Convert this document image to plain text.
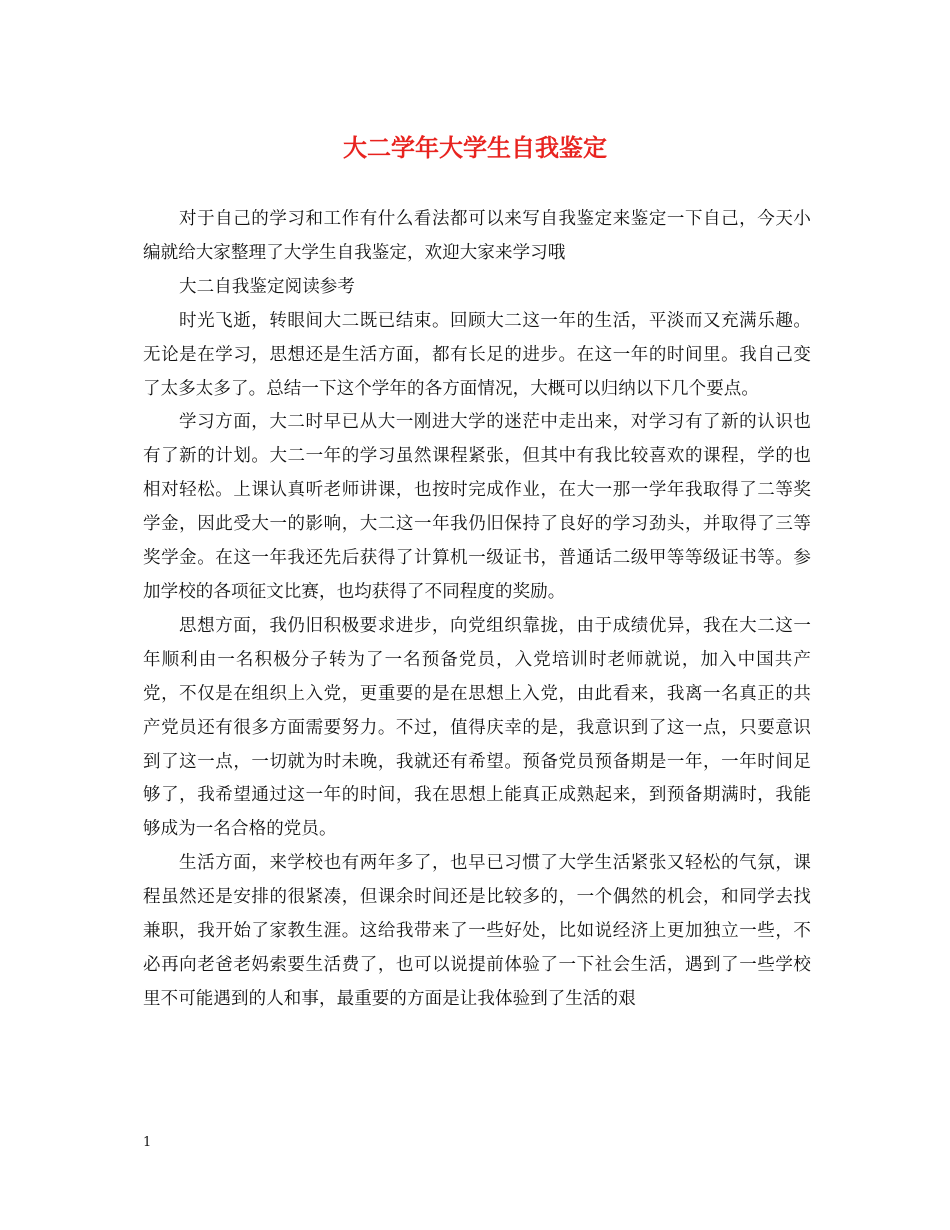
大二学年大学生自我鉴定

对于自己的学习和工作有什么看法都可以来写自我鉴定来鉴定一下自己，今天小编就给大家整理了大学生自我鉴定，欢迎大家来学习哦

大二自我鉴定阅读参考

时光飞逝，转眼间大二既已结束。回顾大二这一年的生活，平淡而又充满乐趣。无论是在学习，思想还是生活方面，都有长足的进步。在这一年的时间里。我自己变了太多太多了。总结一下这个学年的各方面情况，大概可以归纳以下几个要点。

学习方面，大二时早已从大一刚进大学的迷茫中走出来，对学习有了新的认识也有了新的计划。大二一年的学习虽然课程紧张，但其中有我比较喜欢的课程，学的也相对轻松。上课认真听老师讲课，也按时完成作业，在大一那一学年我取得了二等奖学金，因此受大一的影响，大二这一年我仍旧保持了良好的学习劲头，并取得了三等奖学金。在这一年我还先后获得了计算机一级证书，普通话二级甲等等级证书等。参加学校的各项征文比赛，也均获得了不同程度的奖励。

思想方面，我仍旧积极要求进步，向党组织靠拢，由于成绩优异，我在大二这一年顺利由一名积极分子转为了一名预备党员，入党培训时老师就说，加入中国共产党，不仅是在组织上入党，更重要的是在思想上入党，由此看来，我离一名真正的共产党员还有很多方面需要努力。不过，值得庆幸的是，我意识到了这一点，只要意识到了这一点，一切就为时未晚，我就还有希望。预备党员预备期是一年，一年时间足够了，我希望通过这一年的时间，我在思想上能真正成熟起来，到预备期满时，我能够成为一名合格的党员。

生活方面，来学校也有两年多了，也早已习惯了大学生活紧张又轻松的气氛，课程虽然还是安排的很紧凑，但课余时间还是比较多的，一个偶然的机会，和同学去找兼职，我开始了家教生涯。这给我带来了一些好处，比如说经济上更加独立一些，不必再向老爸老妈索要生活费了，也可以说提前体验了一下社会生活，遇到了一些学校里不可能遇到的人和事，最重要的方面是让我体验到了生活的艰

1
